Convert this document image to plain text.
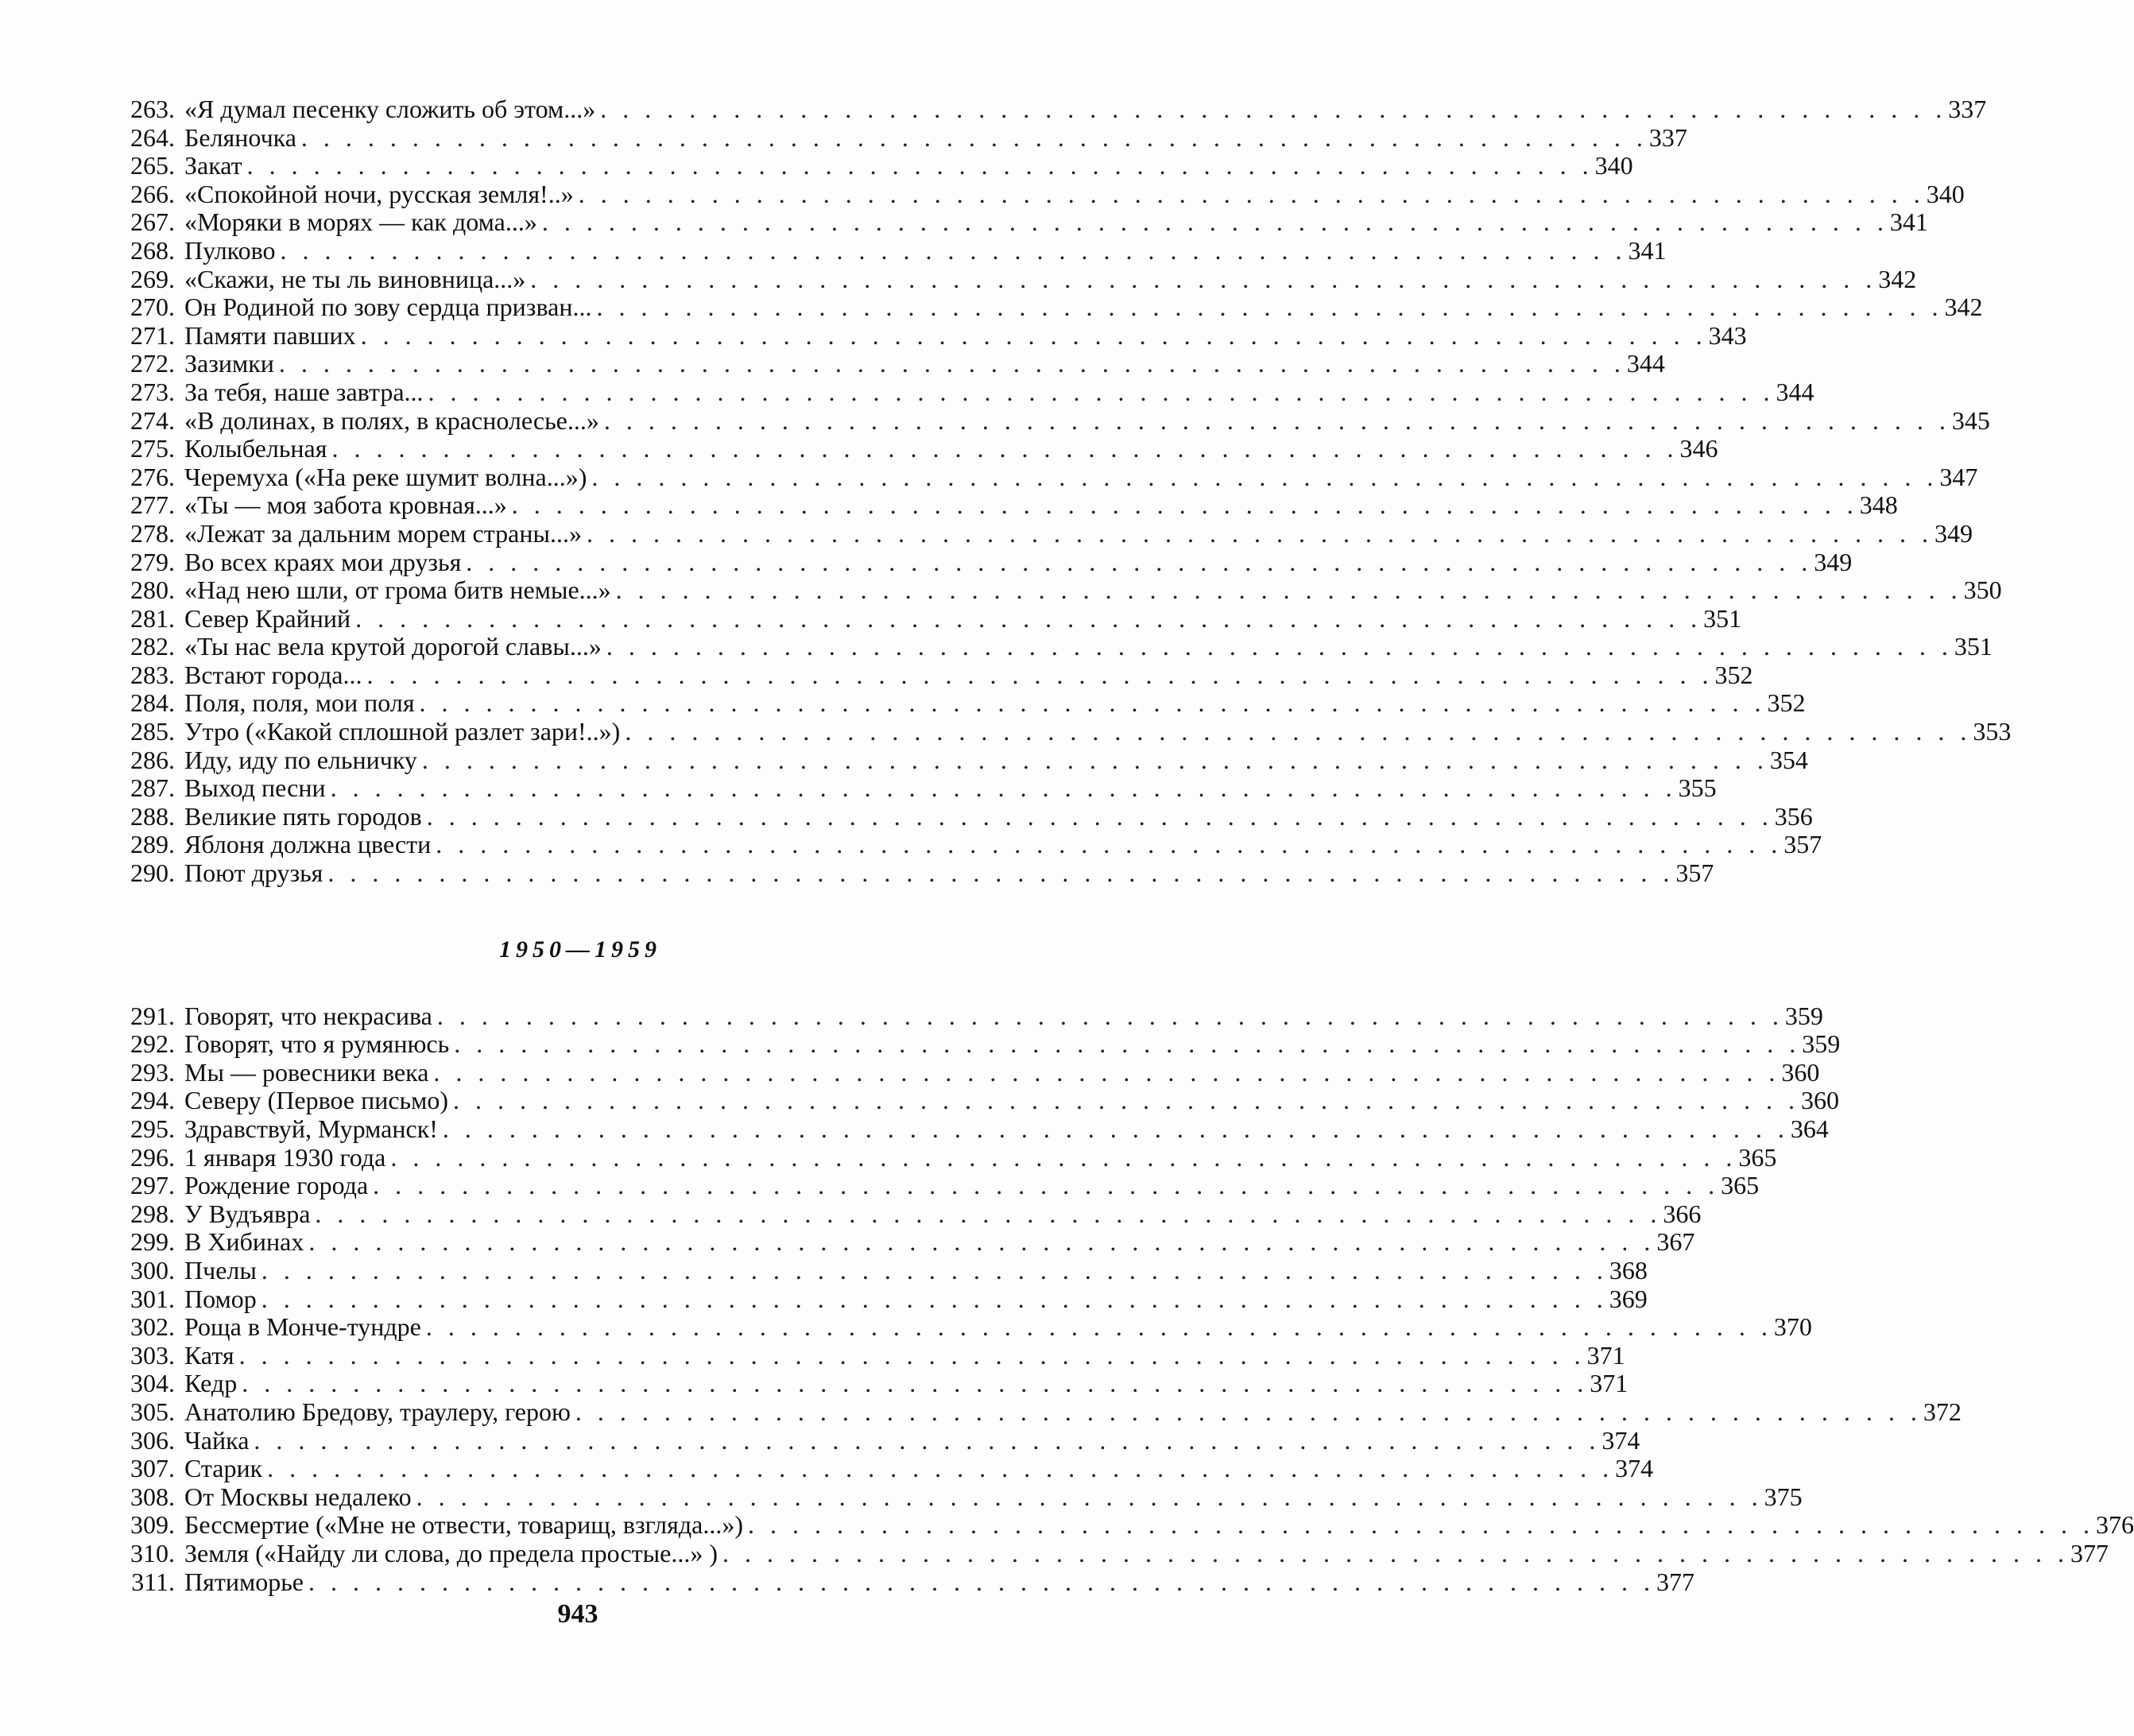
263. «Я думал песенку сложить об этом...» . . .	337
264. Беляночка . . .	337
265. Закат . . .	340
266. «Спокойной ночи, русская земля!..» . . .	340
267. «Моряки в морях — как дома...» . . .	341
268. Пулково . . .	341
269. «Скажи, не ты ль виновница...» . . .	342
270. Он Родиной по зову сердца призван... . . .	342
271. Памяти павших . . .	343
272. Зазимки . . .	344
273. За тебя, наше завтра... . . .	344
274. «В долинах, в полях, в краснолесье...» . . .	345
275. Колыбельная . . .	346
276. Черемуха («На реке шумит волна...») . . .	347
277. «Ты — моя забота кровная...» . . .	348
278. «Лежат за дальним морем страны...» . . .	349
279. Во всех краях мои друзья . . .	349
280. «Над нею шли, от грома битв немые...» . . .	350
281. Север Крайний . . .	351
282. «Ты нас вела крутой дорогой славы...» . . .	351
283. Встают города... . . .	352
284. Поля, поля, мои поля . . .	352
285. Утро («Какой сплошной разлет зари!..») . . .	353
286. Иду, иду по ельничку . . .	354
287. Выход песни . . .	355
288. Великие пять городов . . .	356
289. Яблоня должна цвести . . .	357
290. Поют друзья . . .	357
1950—1959
291. Говорят, что некрасива . . .	359
292. Говорят, что я румянюсь . . .	359
293. Мы — ровесники века . . .	360
294. Северу (Первое письмо) . . .	360
295. Здравствуй, Мурманск! . . .	364
296. 1 января 1930 года . . .	365
297. Рождение города . . .	365
298. У Вудъявра . . .	366
299. В Хибинах . . .	367
300. Пчелы . . .	368
301. Помор . . .	369
302. Роща в Монче-тундре . . .	370
303. Катя . . .	371
304. Кедр . . .	371
305. Анатолию Бредову, траулеру, герою . . .	372
306. Чайка . . .	374
307. Старик . . .	374
308. От Москвы недалеко . . .	375
309. Бессмертие («Мне не отвести, товарищ, взгляда...») . . .	376
310. Земля («Найду ли слова, до предела простые...» ) . . .	377
311. Пятиморье . . .	377
943
